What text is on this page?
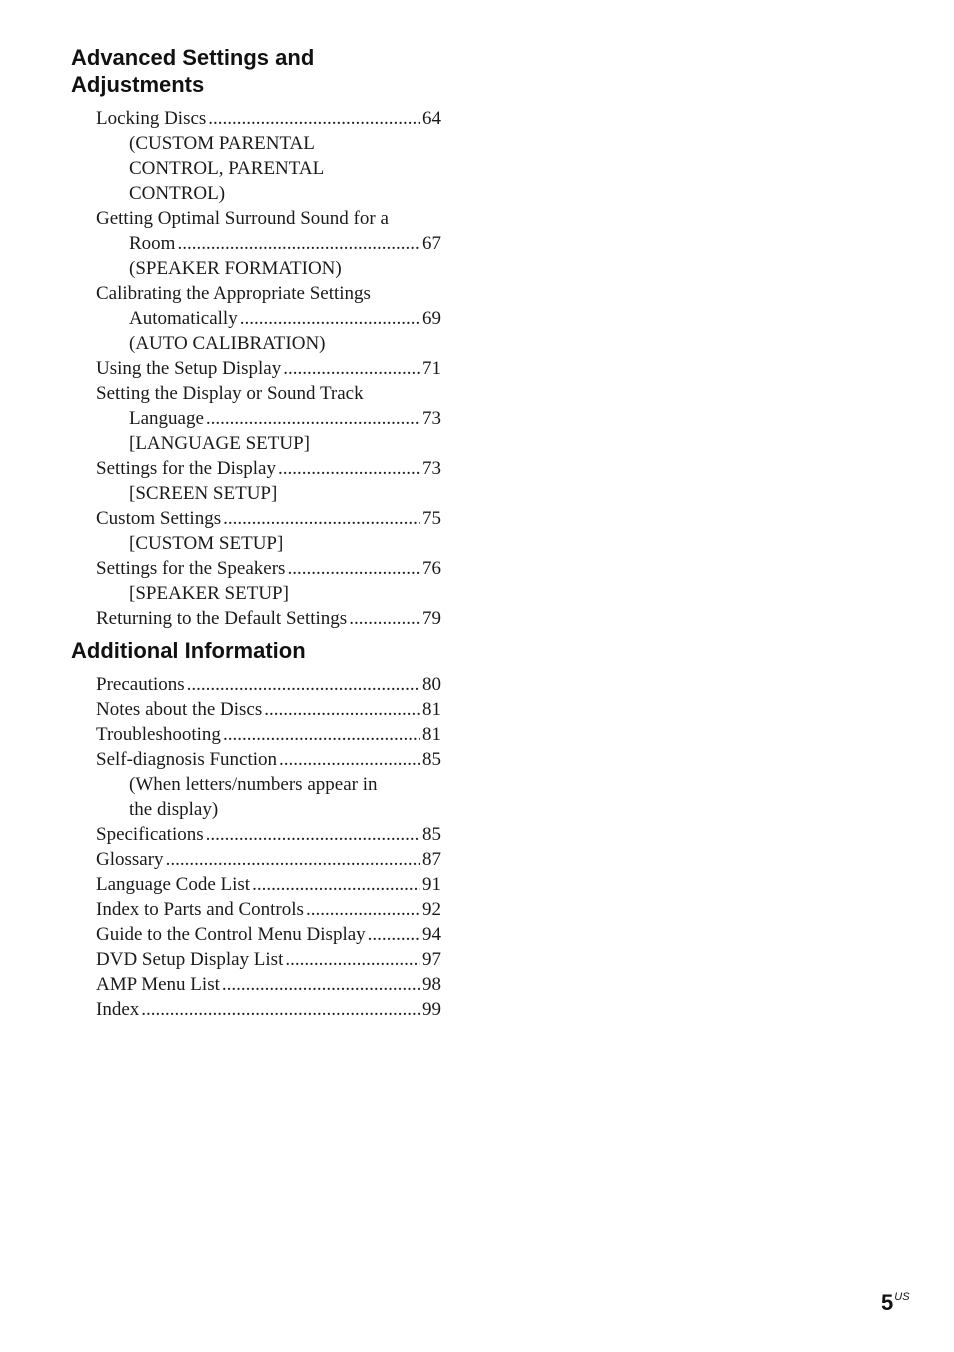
Advanced Settings and
Adjustments
Locking Discs .....	64
(CUSTOM PARENTAL
CONTROL, PARENTAL
CONTROL)
Getting Optimal Surround Sound for a
Room .....	67
(SPEAKER FORMATION)
Calibrating the Appropriate Settings
Automatically .....	69
(AUTO CALIBRATION)
Using the Setup Display .....	71
Setting the Display or Sound Track
Language .....	73
[LANGUAGE SETUP]
Settings for the Display .....	73
[SCREEN SETUP]
Custom Settings .....	75
[CUSTOM SETUP]
Settings for the Speakers .....	76
[SPEAKER SETUP]
Returning to the Default Settings .....	79
Additional Information
Precautions .....	80
Notes about the Discs .....	81
Troubleshooting .....	81
Self-diagnosis Function .....	85
(When letters/numbers appear in
the display)
Specifications .....	85
Glossary .....	87
Language Code List .....	91
Index to Parts and Controls .....	92
Guide to the Control Menu Display .....	94
DVD Setup Display List .....	97
AMP Menu List .....	98
Index .....	99
$5^{US}$
